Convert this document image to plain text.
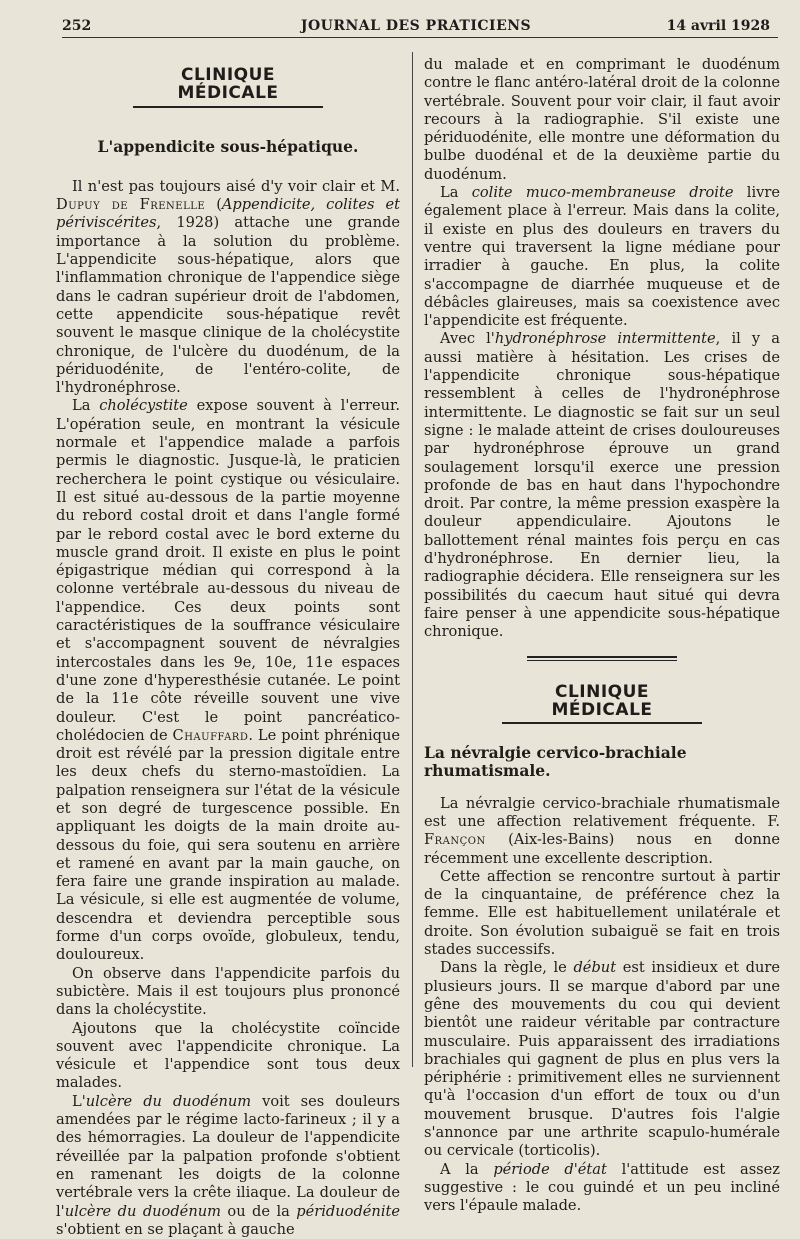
252	JOURNAL DES PRATICIENS	14 avril 1928
CLINIQUE MÉDICALE
L'appendicite sous-hépatique.

Il n'est pas toujours aisé d'y voir clair et M. Dupuy de Frenelle (Appendicite, colites et périviscérites, 1928) attache une grande importance à la solution du problème. L'appendicite sous-hépatique, alors que l'inflammation chronique de l'appendice siège dans le cadran supérieur droit de l'abdomen, cette appendicite sous-hépatique revêt souvent le masque clinique de la cholécystite chronique, de l'ulcère du duodénum, de la périduodénite, de l'entéro-colite, de l'hydronéphrose.

La cholécystite expose souvent à l'erreur. L'opération seule, en montrant la vésicule normale et l'appendice malade a parfois permis le diagnostic. Jusque-là, le praticien recherchera le point cystique ou vésiculaire. Il est situé au-dessous de la partie moyenne du rebord costal droit et dans l'angle formé par le rebord costal avec le bord externe du muscle grand droit. Il existe en plus le point épigastrique médian qui correspond à la colonne vertébrale au-dessous du niveau de l'appendice. Ces deux points sont caractéristiques de la souffrance vésiculaire et s'accompagnent souvent de névralgies intercostales dans les 9e, 10e, 11e espaces d'une zone d'hyperesthésie cutanée. Le point de la 11e côte réveille souvent une vive douleur. C'est le point pancréatico-cholédocien de Chauffard. Le point phrénique droit est révélé par la pression digitale entre les deux chefs du sterno-mastoïdien. La palpation renseignera sur l'état de la vésicule et son degré de turgescence possible. En appliquant les doigts de la main droite au-dessous du foie, qui sera soutenu en arrière et ramené en avant par la main gauche, on fera faire une grande inspiration au malade. La vésicule, si elle est augmentée de volume, descendra et deviendra perceptible sous forme d'un corps ovoïde, globuleux, tendu, douloureux.

On observe dans l'appendicite parfois du subictère. Mais il est toujours plus prononcé dans la cholécystite.

Ajoutons que la cholécystite coïncide souvent avec l'appendicite chronique. La vésicule et l'appendice sont tous deux malades.

L'ulcère du duodénum voit ses douleurs amendées par le régime lacto-farineux ; il y a des hémorragies. La douleur de l'appendicite réveillée par la palpation profonde s'obtient en ramenant les doigts de la colonne vertébrale vers la crête iliaque. La douleur de l'ulcère du duodénum ou de la périduodénite s'obtient en se plaçant à gauche

du malade et en comprimant le duodénum contre le flanc antéro-latéral droit de la colonne vertébrale. Souvent pour voir clair, il faut avoir recours à la radiographie. S'il existe une périduodénite, elle montre une déformation du bulbe duodénal et de la deuxième partie du duodénum.

La colite muco-membraneuse droite livre également place à l'erreur. Mais dans la colite, il existe en plus des douleurs en travers du ventre qui traversent la ligne médiane pour irradier à gauche. En plus, la colite s'accompagne de diarrhée muqueuse et de débâcles glaireuses, mais sa coexistence avec l'appendicite est fréquente.

Avec l'hydronéphrose intermittente, il y a aussi matière à hésitation. Les crises de l'appendicite chronique sous-hépatique ressemblent à celles de l'hydronéphrose intermittente. Le diagnostic se fait sur un seul signe : le malade atteint de crises douloureuses par hydronéphrose éprouve un grand soulagement lorsqu'il exerce une pression profonde de bas en haut dans l'hypochondre droit. Par contre, la même pression exaspère la douleur appendiculaire. Ajoutons le ballottement rénal maintes fois perçu en cas d'hydronéphrose. En dernier lieu, la radiographie décidera. Elle renseignera sur les possibilités du caecum haut situé qui devra faire penser à une appendicite sous-hépatique chronique.

CLINIQUE MÉDICALE
La névralgie cervico-brachiale rhumatismale.

La névralgie cervico-brachiale rhumatismale est une affection relativement fréquente. F. Françon (Aix-les-Bains) nous en donne récemment une excellente description.

Cette affection se rencontre surtout à partir de la cinquantaine, de préférence chez la femme. Elle est habituellement unilatérale et droite. Son évolution subaiguë se fait en trois stades successifs.

Dans la règle, le début est insidieux et dure plusieurs jours. Il se marque d'abord par une gêne des mouvements du cou qui devient bientôt une raideur véritable par contracture musculaire. Puis apparaissent des irradiations brachiales qui gagnent de plus en plus vers la périphérie : primitivement elles ne surviennent qu'à l'occasion d'un effort de toux ou d'un mouvement brusque. D'autres fois l'algie s'annonce par une arthrite scapulo-humérale ou cervicale (torticolis).

A la période d'état l'attitude est assez suggestive : le cou guindé et un peu incliné vers l'épaule malade.
